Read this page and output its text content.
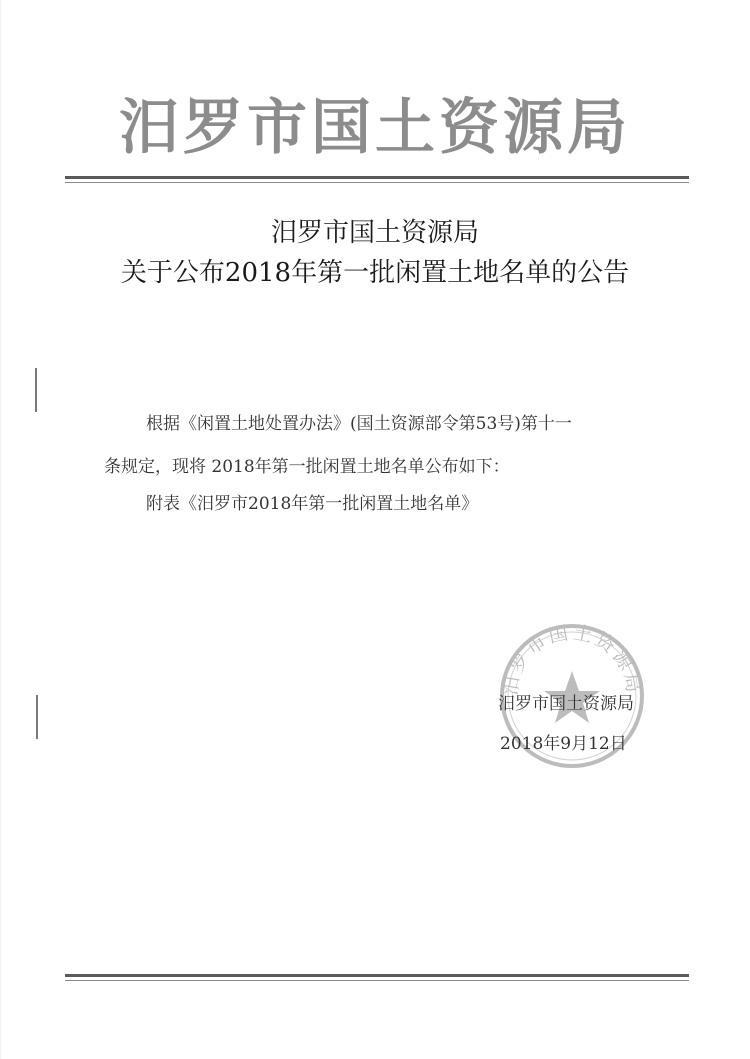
汨罗市国土资源局
汨罗市国土资源局
关于公布2018年第一批闲置土地名单的公告
根据《闲置土地处置办法》(国土资源部令第53号)第十一
条规定，现将 2018年第一批闲置土地名单公布如下：
附表《汨罗市2018年第一批闲置土地名单》
汨罗市国土资源局
汨罗市国土资源局
2018年9月12日
